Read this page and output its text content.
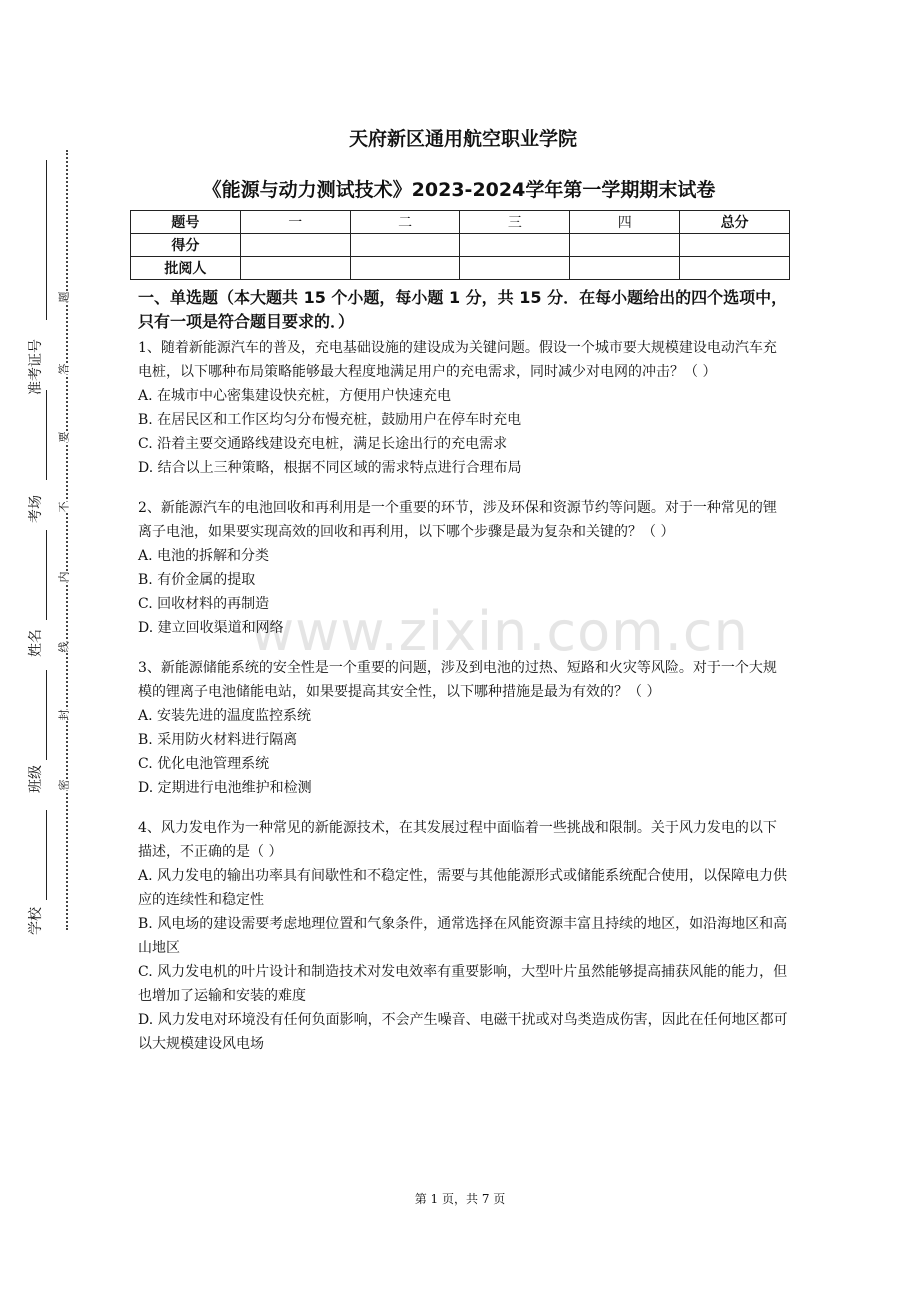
题
答
要
不
内
线
封
密
准考证号
考场
姓名
班级
学校
www.zixin.com.cn
天府新区通用航空职业学院
《能源与动力测试技术》2023-2024学年第一学期期末试卷
题号	一	二	三	四	总分
得分					
批阅人					
一、单选题（本大题共 15 个小题，每小题 1 分，共 15 分．在每小题给出的四个选项中，只有一项是符合题目要求的．）

1、随着新能源汽车的普及，充电基础设施的建设成为关键问题。假设一个城市要大规模建设电动汽车充电桩，以下哪种布局策略能够最大程度地满足用户的充电需求，同时减少对电网的冲击？（ ）

A. 在城市中心密集建设快充桩，方便用户快速充电

B. 在居民区和工作区均匀分布慢充桩，鼓励用户在停车时充电

C. 沿着主要交通路线建设充电桩，满足长途出行的充电需求

D. 结合以上三种策略，根据不同区域的需求特点进行合理布局

2、新能源汽车的电池回收和再利用是一个重要的环节，涉及环保和资源节约等问题。对于一种常见的锂离子电池，如果要实现高效的回收和再利用，以下哪个步骤是最为复杂和关键的？（ ）

A. 电池的拆解和分类

B. 有价金属的提取

C. 回收材料的再制造

D. 建立回收渠道和网络

3、新能源储能系统的安全性是一个重要的问题，涉及到电池的过热、短路和火灾等风险。对于一个大规模的锂离子电池储能电站，如果要提高其安全性，以下哪种措施是最为有效的？（ ）

A. 安装先进的温度监控系统

B. 采用防火材料进行隔离

C. 优化电池管理系统

D. 定期进行电池维护和检测

4、风力发电作为一种常见的新能源技术，在其发展过程中面临着一些挑战和限制。关于风力发电的以下描述，不正确的是（ ）

A. 风力发电的输出功率具有间歇性和不稳定性，需要与其他能源形式或储能系统配合使用，以保障电力供应的连续性和稳定性

B. 风电场的建设需要考虑地理位置和气象条件，通常选择在风能资源丰富且持续的地区，如沿海地区和高山地区

C. 风力发电机的叶片设计和制造技术对发电效率有重要影响，大型叶片虽然能够提高捕获风能的能力，但也增加了运输和安装的难度

D. 风力发电对环境没有任何负面影响，不会产生噪音、电磁干扰或对鸟类造成伤害，因此在任何地区都可以大规模建设风电场

第 1 页，共 7 页
